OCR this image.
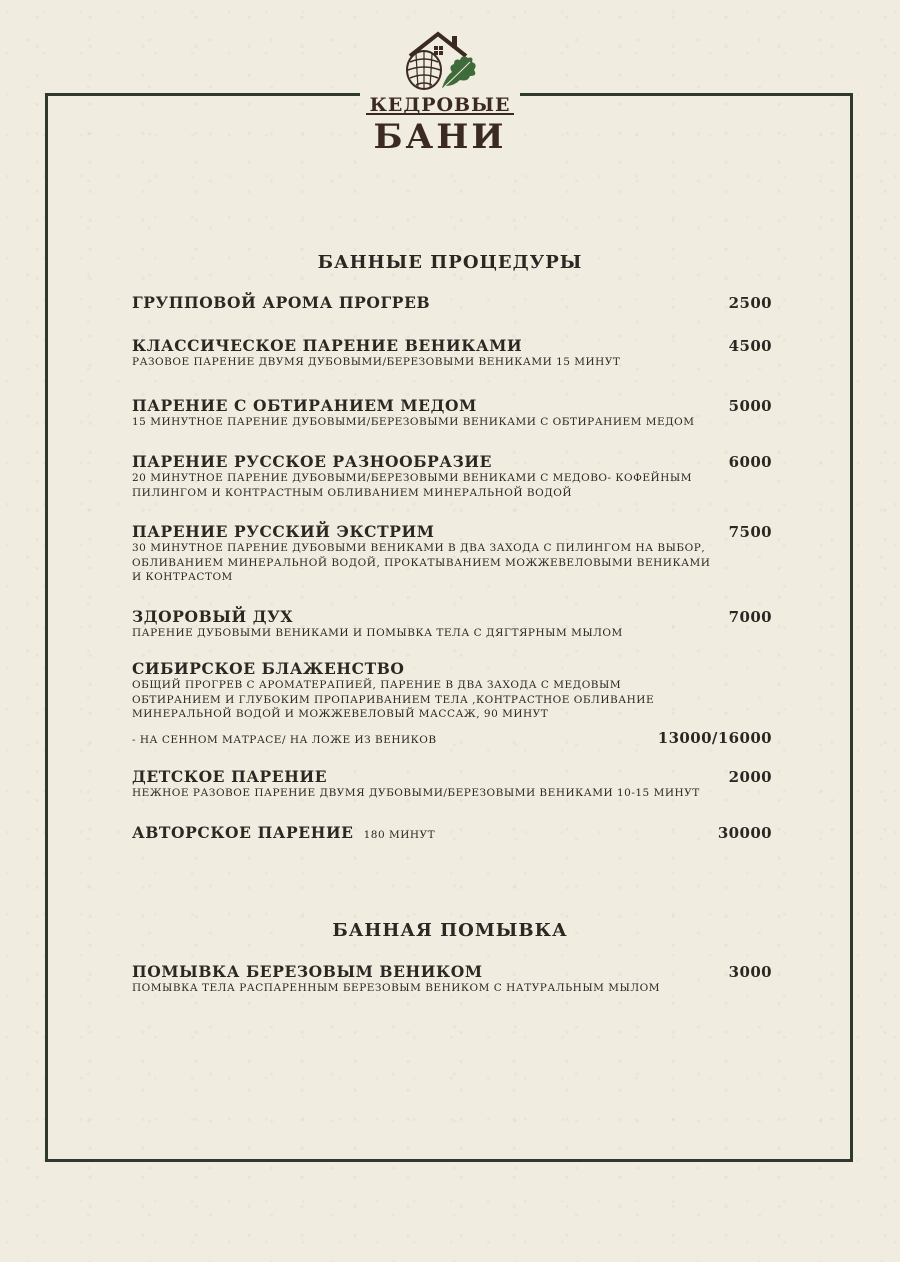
КЕДРОВЫЕ
БАНИ
БАННЫЕ ПРОЦЕДУРЫ
ГРУППОВОЙ АРОМА ПРОГРЕВ	2500
КЛАССИЧЕСКОЕ ПАРЕНИЕ ВЕНИКАМИ	4500
РАЗОВОЕ ПАРЕНИЕ ДВУМЯ ДУБОВЫМИ/БЕРЕЗОВЫМИ ВЕНИКАМИ 15 МИНУТ
ПАРЕНИЕ С ОБТИРАНИЕМ МЕДОМ	5000
15 МИНУТНОЕ ПАРЕНИЕ ДУБОВЫМИ/БЕРЕЗОВЫМИ ВЕНИКАМИ С ОБТИРАНИЕМ МЕДОМ
ПАРЕНИЕ РУССКОЕ РАЗНООБРАЗИЕ	6000
20 МИНУТНОЕ ПАРЕНИЕ ДУБОВЫМИ/БЕРЕЗОВЫМИ ВЕНИКАМИ С МЕДОВО- КОФЕЙНЫМ ПИЛИНГОМ И КОНТРАСТНЫМ ОБЛИВАНИЕМ МИНЕРАЛЬНОЙ ВОДОЙ
ПАРЕНИЕ РУССКИЙ ЭКСТРИМ	7500
30 МИНУТНОЕ ПАРЕНИЕ ДУБОВЫМИ ВЕНИКАМИ В ДВА ЗАХОДА С ПИЛИНГОМ НА ВЫБОР, ОБЛИВАНИЕМ МИНЕРАЛЬНОЙ ВОДОЙ, ПРОКАТЫВАНИЕМ МОЖЖЕВЕЛОВЫМИ ВЕНИКАМИ И КОНТРАСТОМ
ЗДОРОВЫЙ ДУХ	7000
ПАРЕНИЕ ДУБОВЫМИ ВЕНИКАМИ И ПОМЫВКА ТЕЛА С ДЯГТЯРНЫМ МЫЛОМ
СИБИРСКОЕ БЛАЖЕНСТВО
ОБЩИЙ ПРОГРЕВ С АРОМАТЕРАПИЕЙ, ПАРЕНИЕ В ДВА ЗАХОДА С МЕДОВЫМ ОБТИРАНИЕМ И ГЛУБОКИМ ПРОПАРИВАНИЕМ ТЕЛА ,КОНТРАСТНОЕ ОБЛИВАНИЕ МИНЕРАЛЬНОЙ ВОДОЙ И МОЖЖЕВЕЛОВЫЙ МАССАЖ, 90 МИНУТ
- НА СЕННОМ МАТРАСЕ/ НА ЛОЖЕ ИЗ ВЕНИКОВ	13000/16000
ДЕТСКОЕ ПАРЕНИЕ	2000
НЕЖНОЕ РАЗОВОЕ ПАРЕНИЕ ДВУМЯ ДУБОВЫМИ/БЕРЕЗОВЫМИ ВЕНИКАМИ 10-15 МИНУТ
АВТОРСКОЕ ПАРЕНИЕ 180 МИНУТ	30000
БАННАЯ ПОМЫВКА
ПОМЫВКА БЕРЕЗОВЫМ ВЕНИКОМ	3000
ПОМЫВКА ТЕЛА РАСПАРЕННЫМ БЕРЕЗОВЫМ ВЕНИКОМ С НАТУРАЛЬНЫМ МЫЛОМ
